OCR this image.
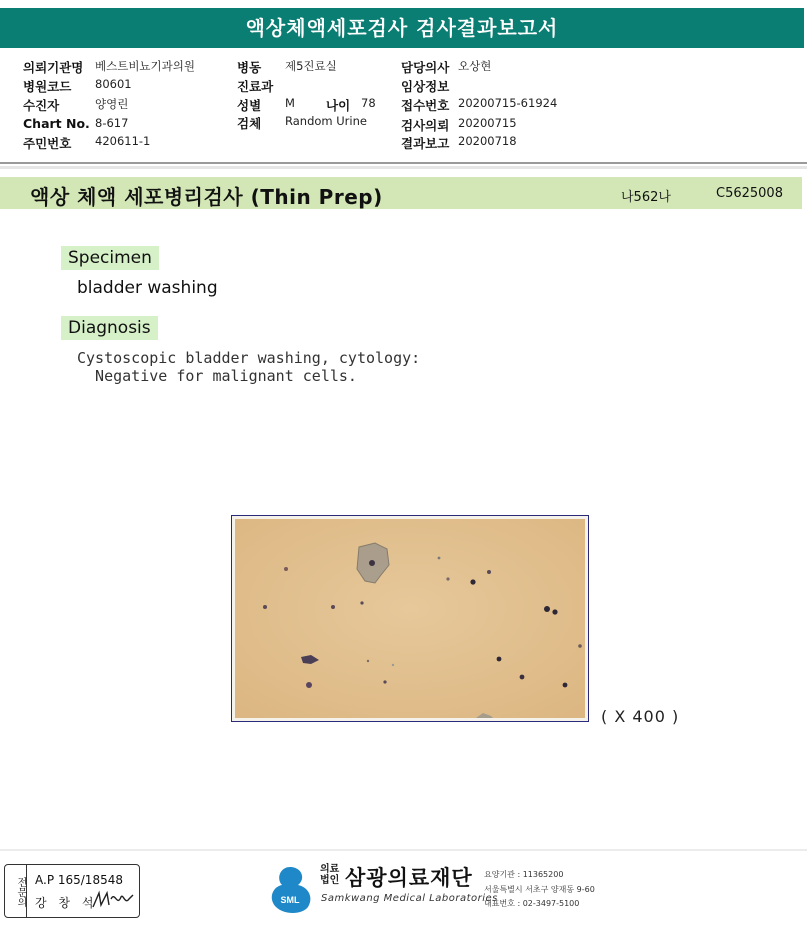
액상체액세포검사 검사결과보고서
의뢰기관명 베스트비뇨기과의원
병원코드 80601
수진자	양영린
Chart No. 8-617
주민번호 420611-1
병동 제5진료실
진료과
성별 M 나이 78
검체 Random Urine
담당의사 오상현
임상정보
접수번호 20200715-61924
검사의뢰 20200715
결과보고 20200718
액상 체액 세포병리검사 (Thin Prep)	나562나	C5625008
Specimen
bladder washing
Diagnosis
Cystoscopic bladder washing, cytology:
Negative for malignant cells.
( X 400 )
전문의 A.P 165/18548
강 창 석	SML
의료법인 삼광의료재단
Samkwang Medical Laboratories
요양기관 : 11365200
서울특별시 서초구 양재동 9-60
대표번호 : 02-3497-5100
